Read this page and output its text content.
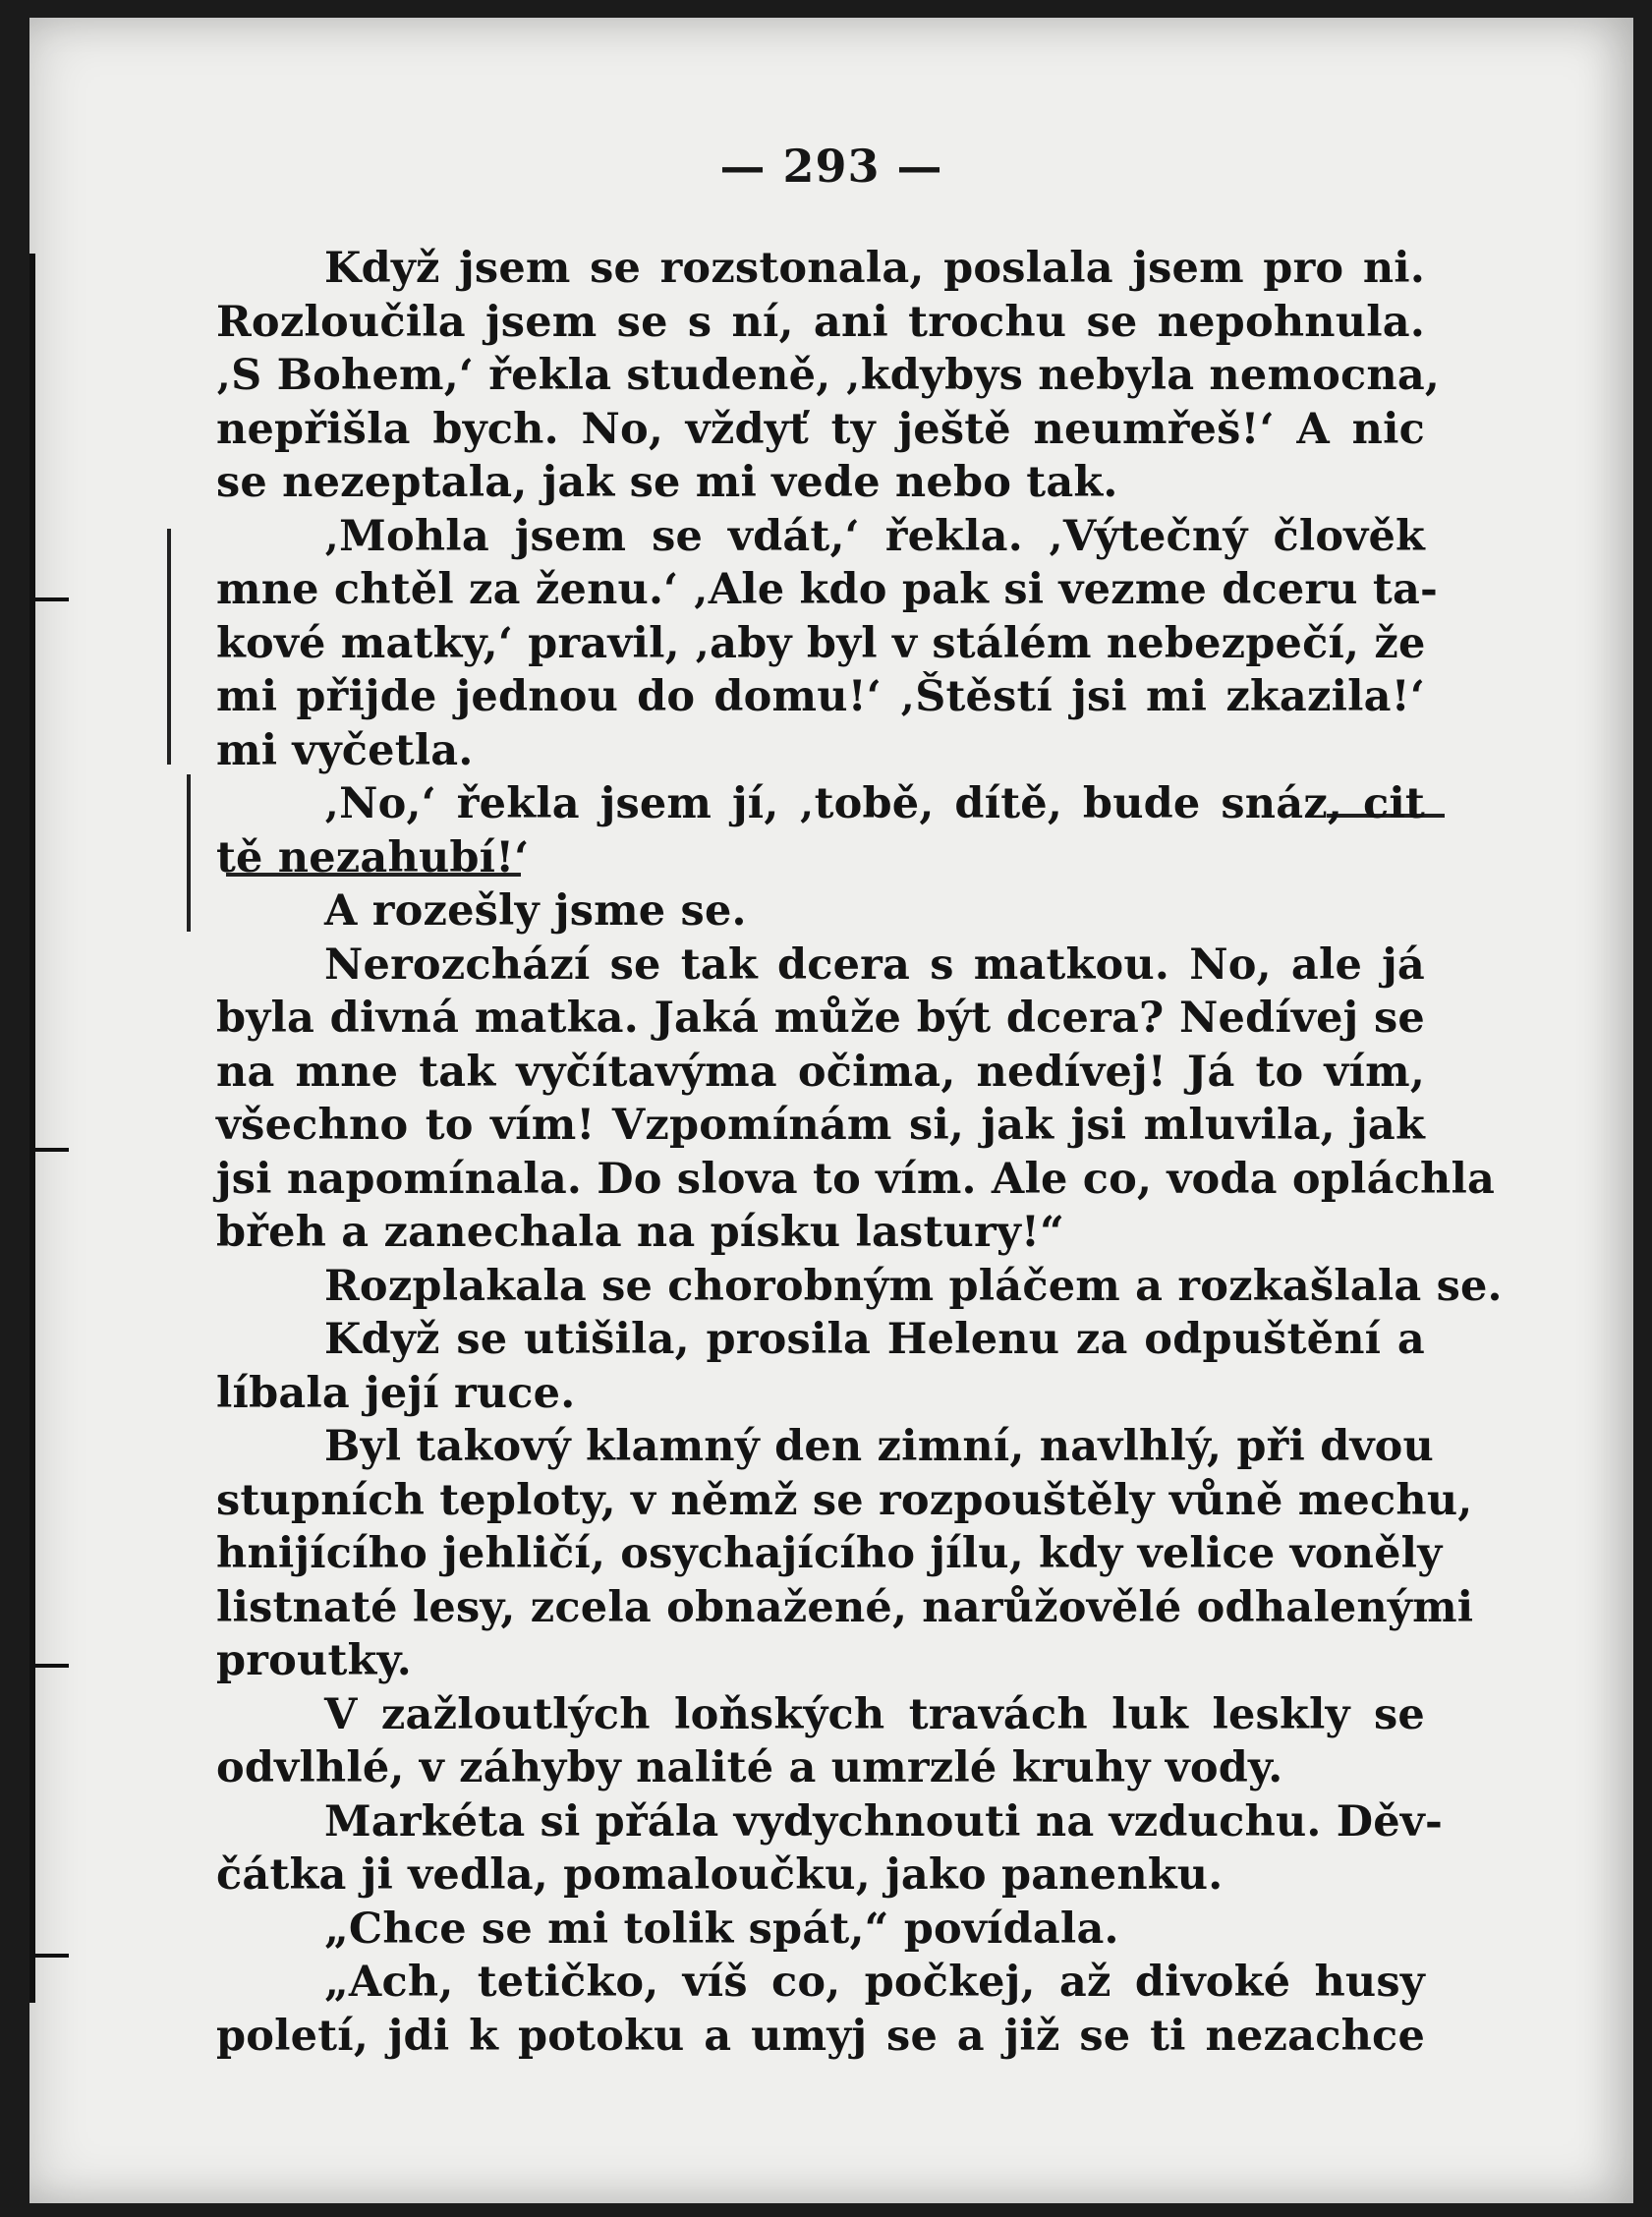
— 293 —
Když jsem se rozstonala, poslala jsem pro ni.
Rozloučila jsem se s ní, ani trochu se nepohnula.
‚S Bohem,‘ řekla studeně, ‚kdybys nebyla nemocna,
nepřišla bych. No, vždyť ty ještě neumřeš!‘ A nic
se nezeptala, jak se mi vede nebo tak.
‚Mohla jsem se vdát,‘ řekla. ‚Výtečný člověk
mne chtěl za ženu.‘ ‚Ale kdo pak si vezme dceru ta-
kové matky,‘ pravil, ‚aby byl v stálém nebezpečí, že
mi přijde jednou do domu!‘ ‚Štěstí jsi mi zkazila!‘
mi vyčetla.
‚No,‘ řekla jsem jí, ‚tobě, dítě, bude snáz, cit
tě nezahubí!‘
A rozešly jsme se.
Nerozchází se tak dcera s matkou. No, ale já
byla divná matka. Jaká může být dcera? Nedívej se
na mne tak vyčítavýma očima, nedívej! Já to vím,
všechno to vím! Vzpomínám si, jak jsi mluvila, jak
jsi napomínala. Do slova to vím. Ale co, voda opláchla
břeh a zanechala na písku lastury!“
Rozplakala se chorobným pláčem a rozkašlala se.
Když se utišila, prosila Helenu za odpuštění a
líbala její ruce.
Byl takový klamný den zimní, navlhlý, při dvou
stupních teploty, v němž se rozpouštěly vůně mechu,
hnijícího jehličí, osychajícího jílu, kdy velice voněly
listnaté lesy, zcela obnažené, narůžovělé odhalenými
proutky.
V zažloutlých loňských travách luk leskly se
odvlhlé, v záhyby nalité a umrzlé kruhy vody.
Markéta si přála vydychnouti na vzduchu. Děv-
čátka ji vedla, pomaloučku, jako panenku.
„Chce se mi tolik spát,“ povídala.
„Ach, tetičko, víš co, počkej, až divoké husy
poletí, jdi k potoku a umyj se a již se ti nezachce
